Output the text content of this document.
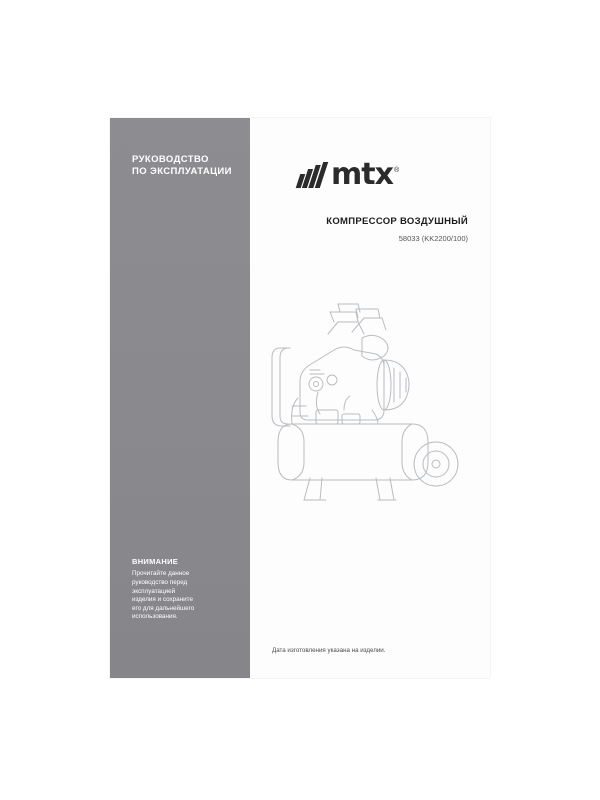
РУКОВОДСТВО
ПО ЭКСПЛУАТАЦИИ
ВНИМАНИЕ
Прочитайте данное
руководство перед
эксплуатацией
изделия и сохраните
его для дальнейшего
использования.
mtx ®
КОМПРЕССОР ВОЗДУШНЫЙ
58033 (KK2200/100)
Дата изготовления указана на изделии.
